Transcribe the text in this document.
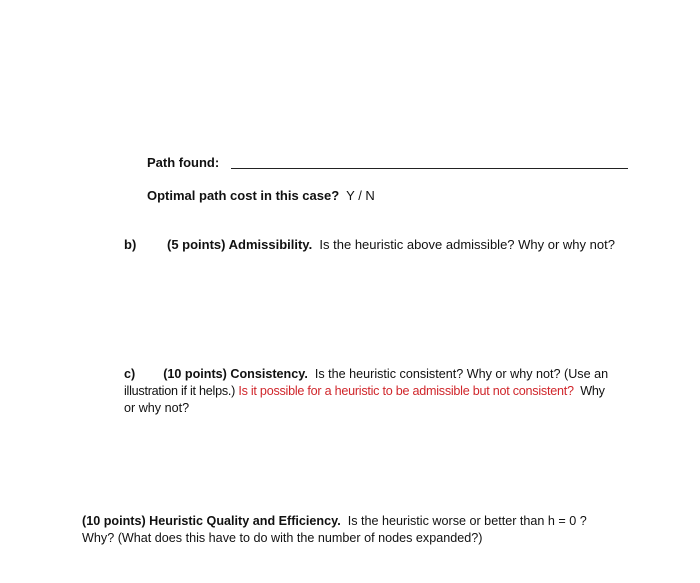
Path found:
Optimal path cost in this case? Y / N
b) (5 points) Admissibility. Is the heuristic above admissible? Why or why not?
c) (10 points) Consistency. Is the heuristic consistent? Why or why not? (Use an
illustration if it helps.) Is it possible for a heuristic to be admissible but not consistent? Why
or why not?
(10 points) Heuristic Quality and Efficiency. Is the heuristic worse or better than h = 0 ?
Why? (What does this have to do with the number of nodes expanded?)
